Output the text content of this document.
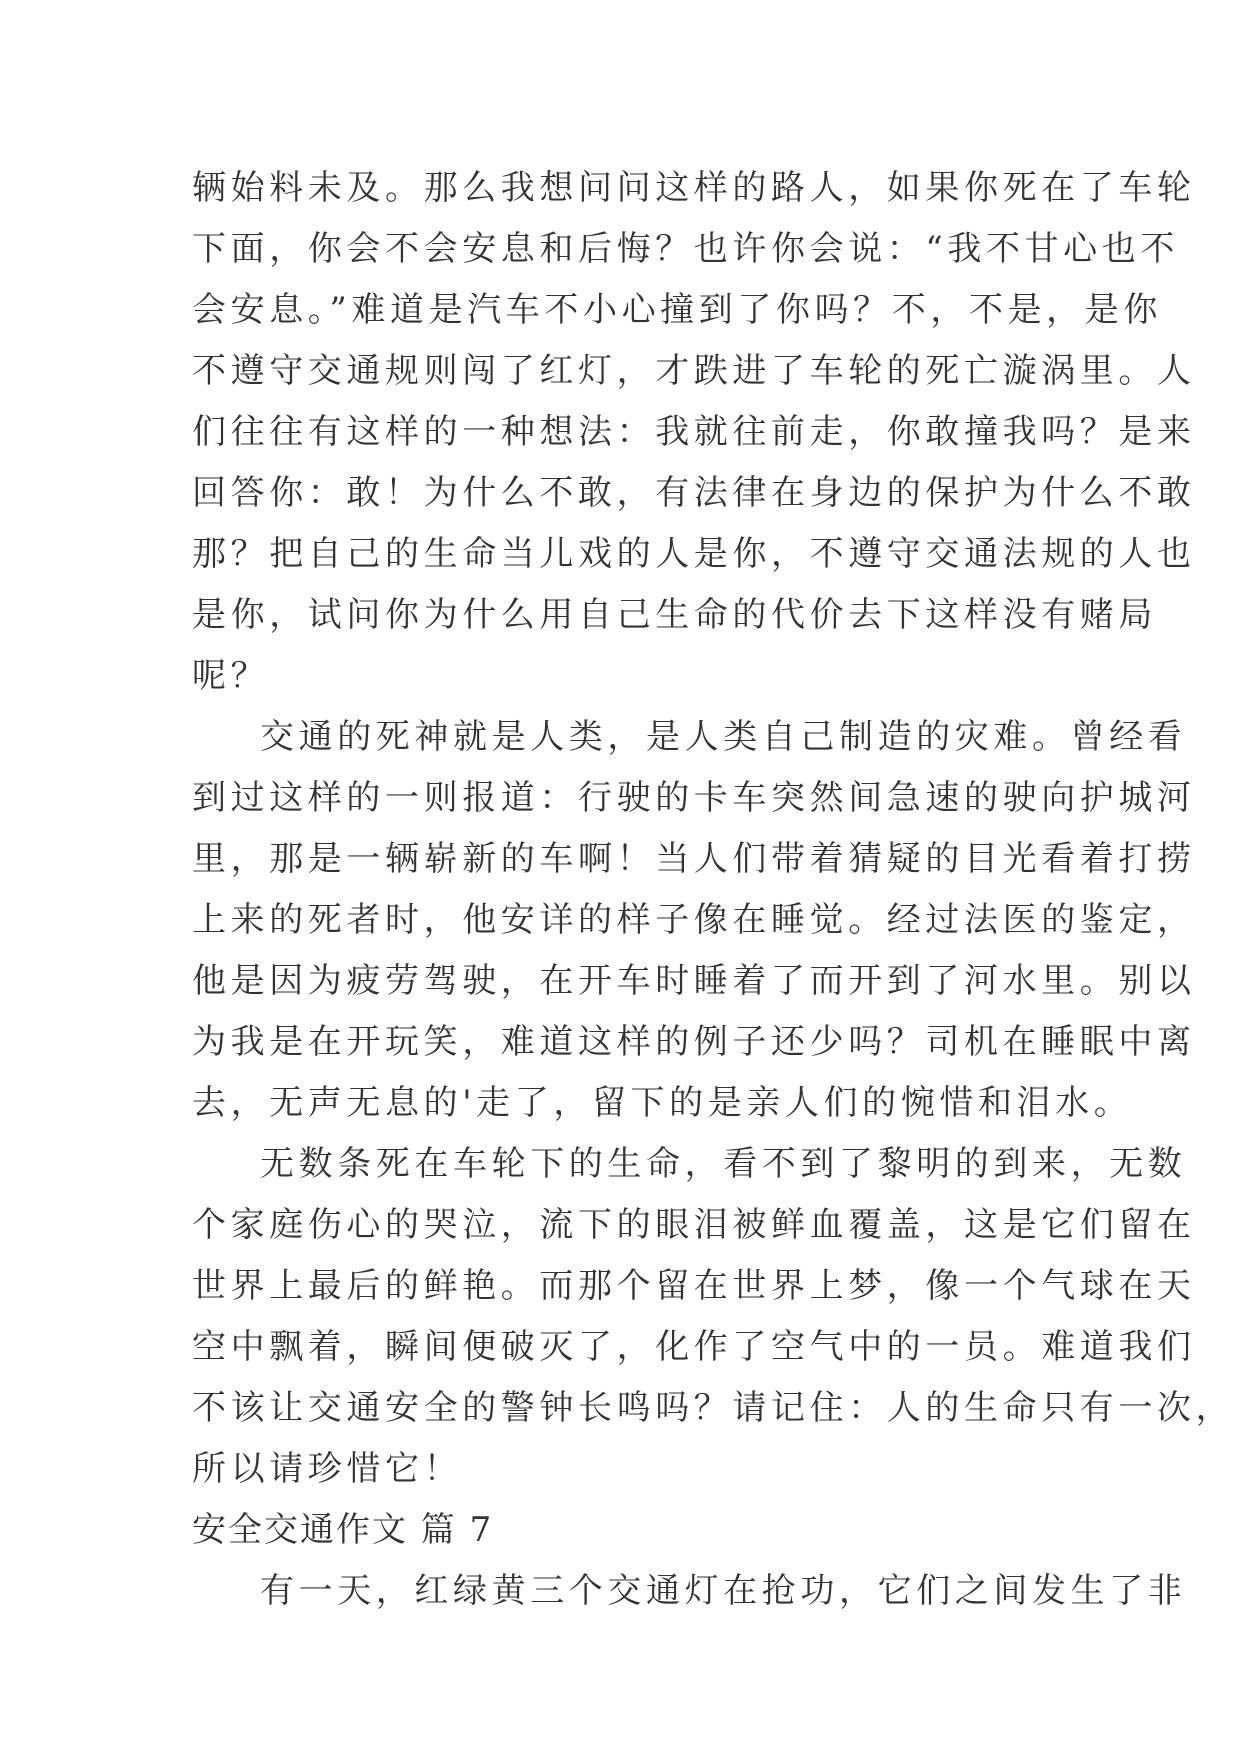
辆始料未及。那么我想问问这样的路人，如果你死在了车轮
下面，你会不会安息和后悔？也许你会说：“我不甘心也不
会安息。”难道是汽车不小心撞到了你吗？不，不是，是你
不遵守交通规则闯了红灯，才跌进了车轮的死亡漩涡里。人
们往往有这样的一种想法：我就往前走，你敢撞我吗？是来
回答你：敢！为什么不敢，有法律在身边的保护为什么不敢
那？把自己的生命当儿戏的人是你，不遵守交通法规的人也
是你，试问你为什么用自己生命的代价去下这样没有赌局
呢？
交通的死神就是人类，是人类自己制造的灾难。曾经看
到过这样的一则报道：行驶的卡车突然间急速的驶向护城河
里，那是一辆崭新的车啊！当人们带着猜疑的目光看着打捞
上来的死者时，他安详的样子像在睡觉。经过法医的鉴定，
他是因为疲劳驾驶，在开车时睡着了而开到了河水里。别以
为我是在开玩笑，难道这样的例子还少吗？司机在睡眠中离
去，无声无息的'走了，留下的是亲人们的惋惜和泪水。
无数条死在车轮下的生命，看不到了黎明的到来，无数
个家庭伤心的哭泣，流下的眼泪被鲜血覆盖，这是它们留在
世界上最后的鲜艳。而那个留在世界上梦，像一个气球在天
空中飘着，瞬间便破灭了，化作了空气中的一员。难道我们
不该让交通安全的警钟长鸣吗？请记住：人的生命只有一次，
所以请珍惜它！
安全交通作文 篇 7
有一天，红绿黄三个交通灯在抢功，它们之间发生了非
